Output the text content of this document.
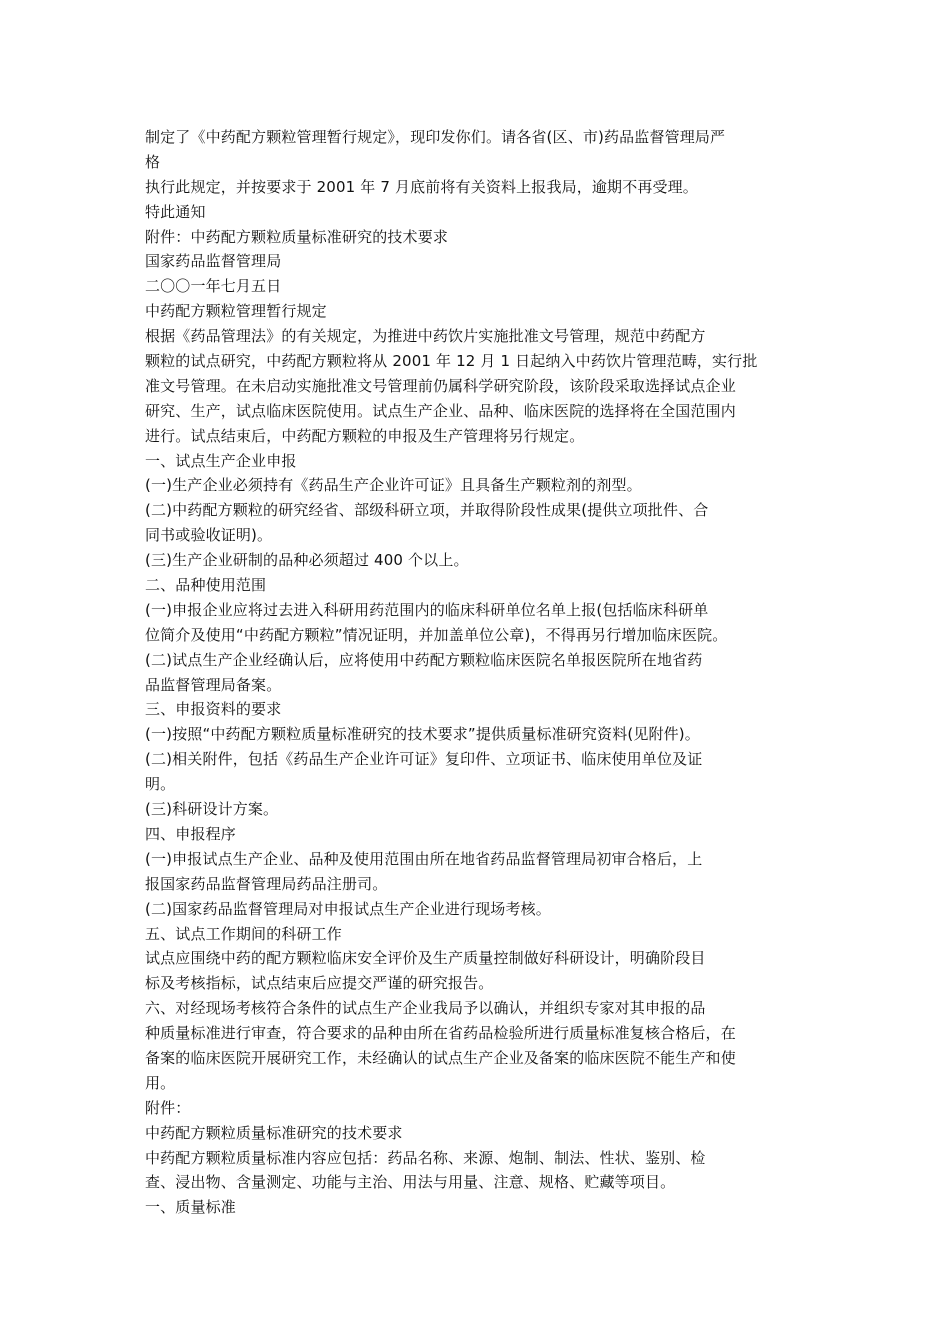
制定了《中药配方颗粒管理暂行规定》，现印发你们。请各省(区、市)药品监督管理局严
格
执行此规定，并按要求于 2001 年 7 月底前将有关资料上报我局，逾期不再受理。
特此通知
附件：中药配方颗粒质量标准研究的技术要求
国家药品监督管理局
二〇〇一年七月五日
中药配方颗粒管理暂行规定
根据《药品管理法》的有关规定，为推进中药饮片实施批准文号管理，规范中药配方
颗粒的试点研究，中药配方颗粒将从 2001 年 12 月 1 日起纳入中药饮片管理范畴，实行批
准文号管理。在未启动实施批准文号管理前仍属科学研究阶段，该阶段采取选择试点企业
研究、生产，试点临床医院使用。试点生产企业、品种、临床医院的选择将在全国范围内
进行。试点结束后，中药配方颗粒的申报及生产管理将另行规定。
一、试点生产企业申报
(一)生产企业必须持有《药品生产企业许可证》且具备生产颗粒剂的剂型。
(二)中药配方颗粒的研究经省、部级科研立项，并取得阶段性成果(提供立项批件、合
同书或验收证明)。
(三)生产企业研制的品种必须超过 400 个以上。
二、品种使用范围
(一)申报企业应将过去进入科研用药范围内的临床科研单位名单上报(包括临床科研单
位简介及使用“中药配方颗粒”情况证明，并加盖单位公章)，不得再另行增加临床医院。
(二)试点生产企业经确认后，应将使用中药配方颗粒临床医院名单报医院所在地省药
品监督管理局备案。
三、申报资料的要求
(一)按照“中药配方颗粒质量标准研究的技术要求”提供质量标准研究资料(见附件)。
(二)相关附件，包括《药品生产企业许可证》复印件、立项证书、临床使用单位及证
明。
(三)科研设计方案。
四、申报程序
(一)申报试点生产企业、品种及使用范围由所在地省药品监督管理局初审合格后，上
报国家药品监督管理局药品注册司。
(二)国家药品监督管理局对申报试点生产企业进行现场考核。
五、试点工作期间的科研工作
试点应围绕中药的配方颗粒临床安全评价及生产质量控制做好科研设计，明确阶段目
标及考核指标，试点结束后应提交严谨的研究报告。
六、对经现场考核符合条件的试点生产企业我局予以确认，并组织专家对其申报的品
种质量标准进行审查，符合要求的品种由所在省药品检验所进行质量标准复核合格后，在
备案的临床医院开展研究工作，未经确认的试点生产企业及备案的临床医院不能生产和使
用。
附件：
中药配方颗粒质量标准研究的技术要求
中药配方颗粒质量标准内容应包括：药品名称、来源、炮制、制法、性状、鉴别、检
查、浸出物、含量测定、功能与主治、用法与用量、注意、规格、贮藏等项目。
一、质量标准
